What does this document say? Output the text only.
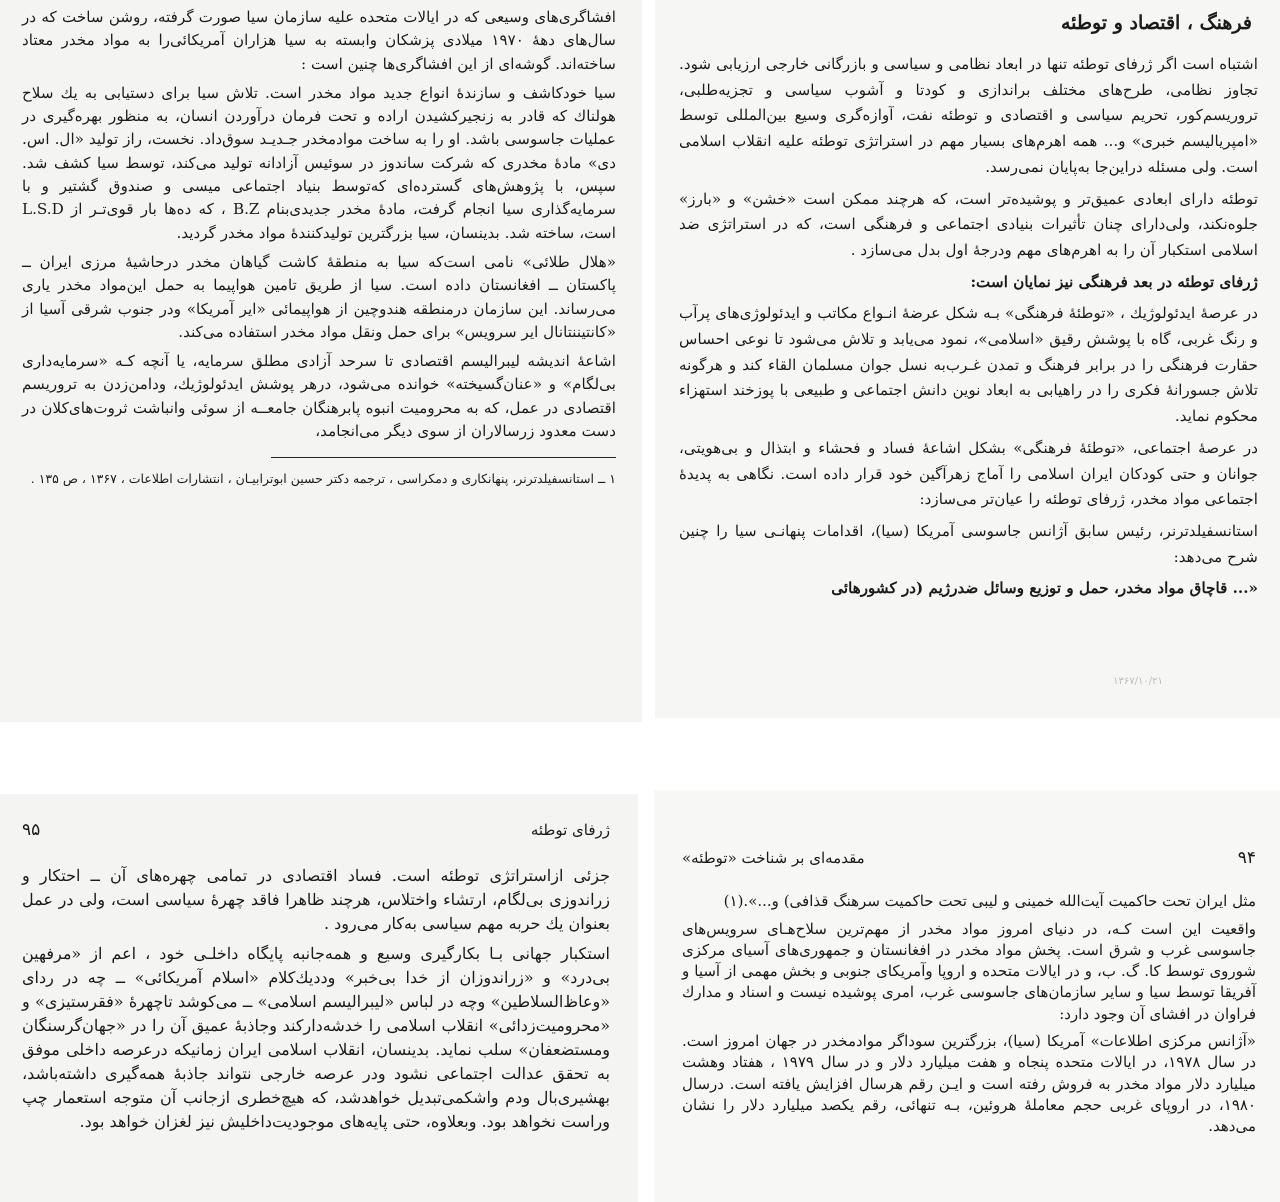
افشاگری‌های وسیعی که در ایالات متحده علیه سازمان سیا صورت گرفته، روشن ساخت که در سال‌های دههٔ ۱۹۷۰ میلادی پزشکان وابسته به سیا هزاران آمریکائی‌را به مواد مخدر معتاد ساخته‌اند. گوشه‌ای از این افشاگری‌ها چنین است :

سیا خودکاشف و سازندهٔ انواع جدید مواد مخدر است. تلاش سیا برای دستیابی به یك سلاح هولناك که قادر به زنجیرکشیدن اراده و تحت فرمان درآوردن انسان، به منظور بهره‌گیری در عملیات جاسوسی باشد. او را به ساخت موادمخدر جـدیـد سوق‌داد. نخست، راز تولید «ال. اس. دی» مادهٔ مخدری که شرکت ساندوز در سوئیس آزادانه تولید می‌کند، توسط سیا کشف شد. سپس، با پژوهش‌های گسترده‌ای که‌توسط بنیاد اجتماعی میسی و صندوق گشتیر و با سرمایه‌گذاری سیا انجام گرفت، مادهٔ مخدر جدیدی‌بنام B.Z ، که ده‌ها بار قوی‌تـر از L.S.D است، ساخته شد. بدینسان، سیا بزرگترین تولیدکنندهٔ مواد مخدر گردید.

«هلال طلائی» نامی است‌که سیا به منطقهٔ کاشت گیاهان مخدر درحاشیهٔ مرزی ایران ــ پاکستان ــ افغانستان داده است. سیا از طریق تامین هواپیما به حمل این‌مواد مخدر یاری می‌رساند. این سازمان درمنطقه هندوچین از هواپیمائی «ایر آمریکا» ودر جنوب شرقی آسیا از «کانتیننتانال ایر سرویس» برای حمل ونقل مواد مخدر استفاده می‌کند.

اشاعهٔ اندیشه لیبرالیسم اقتصادی تا سرحد آزادی مطلق سرمایه، یا آنچه کـه «سرمایه‌داری بی‌لگام» و «عنان‌گسیخته» خوانده می‌شود، درهر پوشش ایدئولوژیك، ودامن‌زدن به تروریسم اقتصادی در عمل، که به محرومیت انبوه پابرهنگان جامعــه از سوئی وانباشت ثروت‌های‌کلان در دست معدود زرسالاران از سوی دیگر می‌انجامد،

۱ ــ استانسفیلدترنر، پنهانکاری و دمکراسی ، ترجمه دکتر حسین ابوترابیـان ، انتشارات اطلاعات ، ۱۳۶۷ ، ص ۱۳۵ .

فرهنگ ، اقتصاد و توطئه

اشتباه است اگر ژرفای توطئه تنها در ابعاد نظامی و سیاسی و بازرگانی خارجی ارزیابی شود. تجاوز نظامی، طرح‌های مختلف براندازی و کودتا و آشوب سیاسی و تجزیه‌طلبی، تروریسم‌کور، تحریم سیاسی و اقتصادی و توطئه نفت، آوازه‌گری وسیع بین‌المللی توسط «امپریالیسم خبری» و... همه اهرم‌های بسیار مهم در استراتژی توطئه علیه انقلاب اسلامی است. ولی مسئله دراین‌جا به‌پایان نمی‌رسد.

توطئه دارای ابعادی عمیق‌تر و پوشیده‌تر است، که هرچند ممکن است «خشن» و «بارز» جلوه‌نکند، ولی‌دارای چنان تأثیرات بنیادی اجتماعی و فرهنگی است، که در استراتژی ضد اسلامی استکبار آن را به اهرم‌های مهم ودرجهٔ اول بدل می‌سازد .

ژرفای توطئه در بعد فرهنگی نیز نمایان است:

در عرصهٔ ایدئولوژیك ، «توطئهٔ فرهنگی» بـه شکل عرضهٔ انـواع مکاتب و ایدئولوژی‌های پرآب و رنگ غربی، گاه با پوشش رقیق «اسلامی»، نمود می‌یابد و تلاش می‌شود تا نوعی احساس حقارت فرهنگی را در برابر فرهنگ و تمدن غـرب‌به نسل جوان مسلمان القاء کند و هرگونه تلاش جسورانهٔ فکری را در راهیابی به ابعاد نوین دانش اجتماعی و طبیعی با پوزخند استهزاء محکوم نماید.

در عرصهٔ اجتماعی، «توطئهٔ فرهنگی» بشکل اشاعهٔ فساد و فحشاء و ابتذال و بی‌هویتی، جوانان و حتی کودکان ایران اسلامی را آماج زهرآگین خود قرار داده است. نگاهی به پدیدهٔ اجتماعی مواد مخدر، ژرفای توطئه را عیان‌تر می‌سازد:

استانسفیلدترنر، رئیس سابق آژانس جاسوسی آمریکا (سیا)، اقدامات پنهانـی سیا را چنین شرح می‌دهد:

«... قاچاق مواد مخدر، حمل و توزیع وسائل ضدرژیم (در کشورهائی

۱۳۶۷/۱۰/۲۱
ژرفای توطئه
۹۵

جزئی ازاستراتژی توطئه است. فساد اقتصادی در تمامی چهره‌های آن ــ احتکار و زراندوزی بی‌لگام، ارتشاء واختلاس، هرچند ظاهرا فاقد چهرهٔ سیاسی است، ولی در عمل بعنوان یك حربه مهم سیاسی به‌کار می‌رود .

استکبار جهانی بـا بکارگیری وسیع و همه‌جانبه پایگاه داخلـی خود ، اعم از «مرفهین بی‌درد» و «زراندوزان از خدا بی‌خبر» وددیك‌کلام «اسلام آمریکائی» ــ چه در ردای «وعاظ‌السلاطین» وچه در لباس «لیبرالیسم اسلامی» ــ می‌کوشد تاچهرهٔ «فقرستیزی» و «محرومیت‌زدائی» انقلاب اسلامی را خدشه‌دارکند وجاذبهٔ عمیق آن را در «جهان‌گرسنگان ومستضعفان» سلب نماید. بدینسان، انقلاب اسلامی ایران زمانیکه درعرصه داخلی موفق به تحقق عدالت اجتماعی نشود ودر عرصه خارجی نتواند جاذبهٔ همه‌گیری داشته‌باشد، بهشیری‌بال ودم واشکمی‌تبدیل خواهدشد، که هیچ‌خطری ازجانب آن متوجه استعمار چپ وراست نخواهد بود. وبعلاوه، حتی پایه‌های موجودیت‌داخلیش نیز لغزان خواهد بود.

۹۴
مقدمه‌ای بر شناخت «توطئه»

مثل ایران تحت حاکمیت آیت‌الله خمینی و لیبی تحت حاکمیت سرهنگ قذافی) و...».(۱)

واقعیت این است کـه، در دنیای امروز مواد مخدر از مهم‌ترین سلاح‌هـای سرویس‌های جاسوسی غرب و شرق است. پخش مواد مخدر در افغانستان و جمهوری‌های آسیای مرکزی شوروی توسط کا. گ. ب، و در ایالات متحده و اروپا وآمریکای جنوبی و بخش مهمی از آسیا و آفریقا توسط سیا و سایر سازمان‌های جاسوسی غرب، امری پوشیده نیست و اسناد و مدارك فراوان در افشای آن وجود دارد:

«آژانس مرکزی اطلاعات» آمریکا (سیا)، بزرگترین سوداگر موادمخدر در جهان امروز است. در سال ۱۹۷۸، در ایالات متحده پنجاه و هفت میلیارد دلار و در سال ۱۹۷۹ ، هفتاد وهشت میلیارد دلار مواد مخدر به فروش رفته است و ایـن رقم هرسال افزایش یافته است. درسال ۱۹۸۰، در اروپای غربی حجم معاملهٔ هروئین، بـه تنهائی، رقم یکصد میلیارد دلار را نشان می‌دهد.
